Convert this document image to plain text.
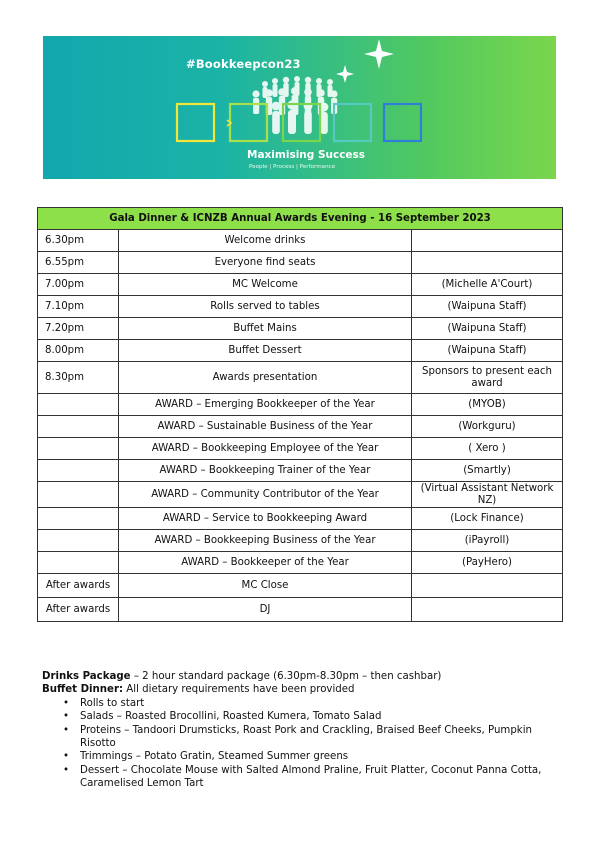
#Bookkeepcon23
Maximising Success
People | Process | Performance
Gala Dinner & ICNZB Annual Awards Evening - 16 September 2023		
6.30pm	Welcome drinks	
6.55pm	Everyone find seats	
7.00pm	MC Welcome	(Michelle A'Court)
7.10pm	Rolls served to tables	(Waipuna Staff)
7.20pm	Buffet Mains	(Waipuna Staff)
8.00pm	Buffet Dessert	(Waipuna Staff)
8.30pm	Awards presentation	Sponsors to present each award
	AWARD – Emerging Bookkeeper of the Year	(MYOB)
	AWARD – Sustainable Business of the Year	(Workguru)
	AWARD – Bookkeeping Employee of the Year	( Xero )
	AWARD – Bookkeeping Trainer of the Year	(Smartly)
	AWARD – Community Contributor of the Year	(Virtual Assistant Network NZ)
	AWARD – Service to Bookkeeping Award	(Lock Finance)
	AWARD – Bookkeeping Business of the Year	(iPayroll)
	AWARD – Bookkeeper of the Year	(PayHero)
After awards	MC Close	
After awards	DJ	

Drinks Package – 2 hour standard package (6.30pm-8.30pm – then cashbar)

Buffet Dinner: All dietary requirements have been provided

• Rolls to start
• Salads – Roasted Brocollini, Roasted Kumera, Tomato Salad
• Proteins – Tandoori Drumsticks, Roast Pork and Crackling, Braised Beef Cheeks, Pumpkin Risotto
• Trimmings – Potato Gratin, Steamed Summer greens
• Dessert – Chocolate Mouse with Salted Almond Praline, Fruit Platter, Coconut Panna Cotta, Caramelised Lemon Tart
